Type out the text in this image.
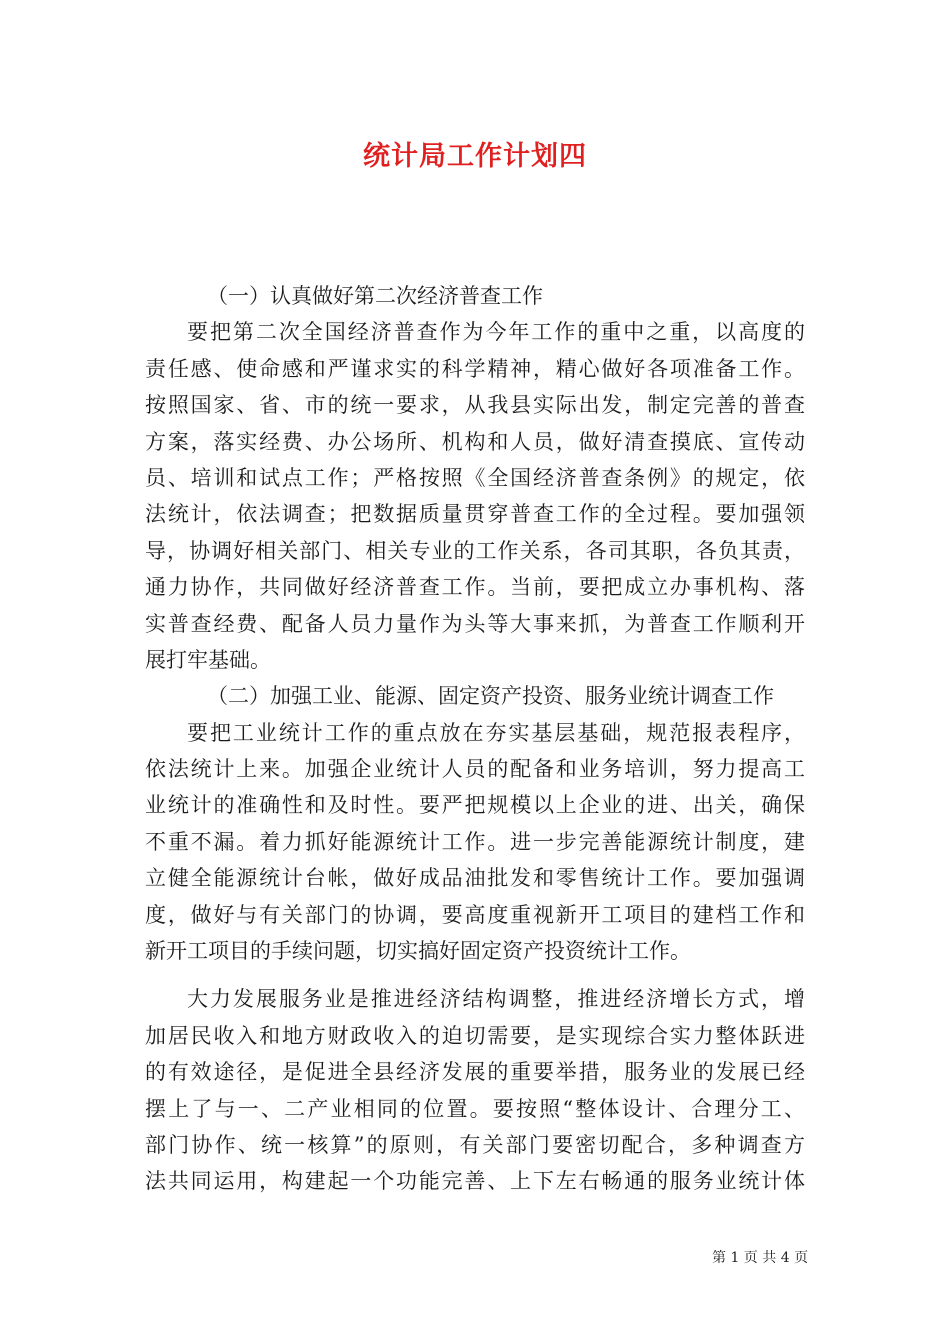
统计局工作计划四
（一）认真做好第二次经济普查工作
要把第二次全国经济普查作为今年工作的重中之重，以高度的
责任感、使命感和严谨求实的科学精神，精心做好各项准备工作。
按照国家、省、市的统一要求，从我县实际出发，制定完善的普查
方案，落实经费、办公场所、机构和人员，做好清查摸底、宣传动
员、培训和试点工作；严格按照《全国经济普查条例》的规定，依
法统计，依法调查；把数据质量贯穿普查工作的全过程。要加强领
导，协调好相关部门、相关专业的工作关系，各司其职，各负其责，
通力协作，共同做好经济普查工作。当前，要把成立办事机构、落
实普查经费、配备人员力量作为头等大事来抓，为普查工作顺利开
展打牢基础。
（二）加强工业、能源、固定资产投资、服务业统计调查工作
要把工业统计工作的重点放在夯实基层基础，规范报表程序，
依法统计上来。加强企业统计人员的配备和业务培训，努力提高工
业统计的准确性和及时性。要严把规模以上企业的进、出关，确保
不重不漏。着力抓好能源统计工作。进一步完善能源统计制度，建
立健全能源统计台帐，做好成品油批发和零售统计工作。要加强调
度，做好与有关部门的协调，要高度重视新开工项目的建档工作和
新开工项目的手续问题，切实搞好固定资产投资统计工作。
大力发展服务业是推进经济结构调整，推进经济增长方式，增
加居民收入和地方财政收入的迫切需要，是实现综合实力整体跃进
的有效途径，是促进全县经济发展的重要举措，服务业的发展已经
摆上了与一、二产业相同的位置。要按照“整体设计、合理分工、
部门协作、统一核算”的原则，有关部门要密切配合，多种调查方
法共同运用，构建起一个功能完善、上下左右畅通的服务业统计体
第 1 页 共 4 页
